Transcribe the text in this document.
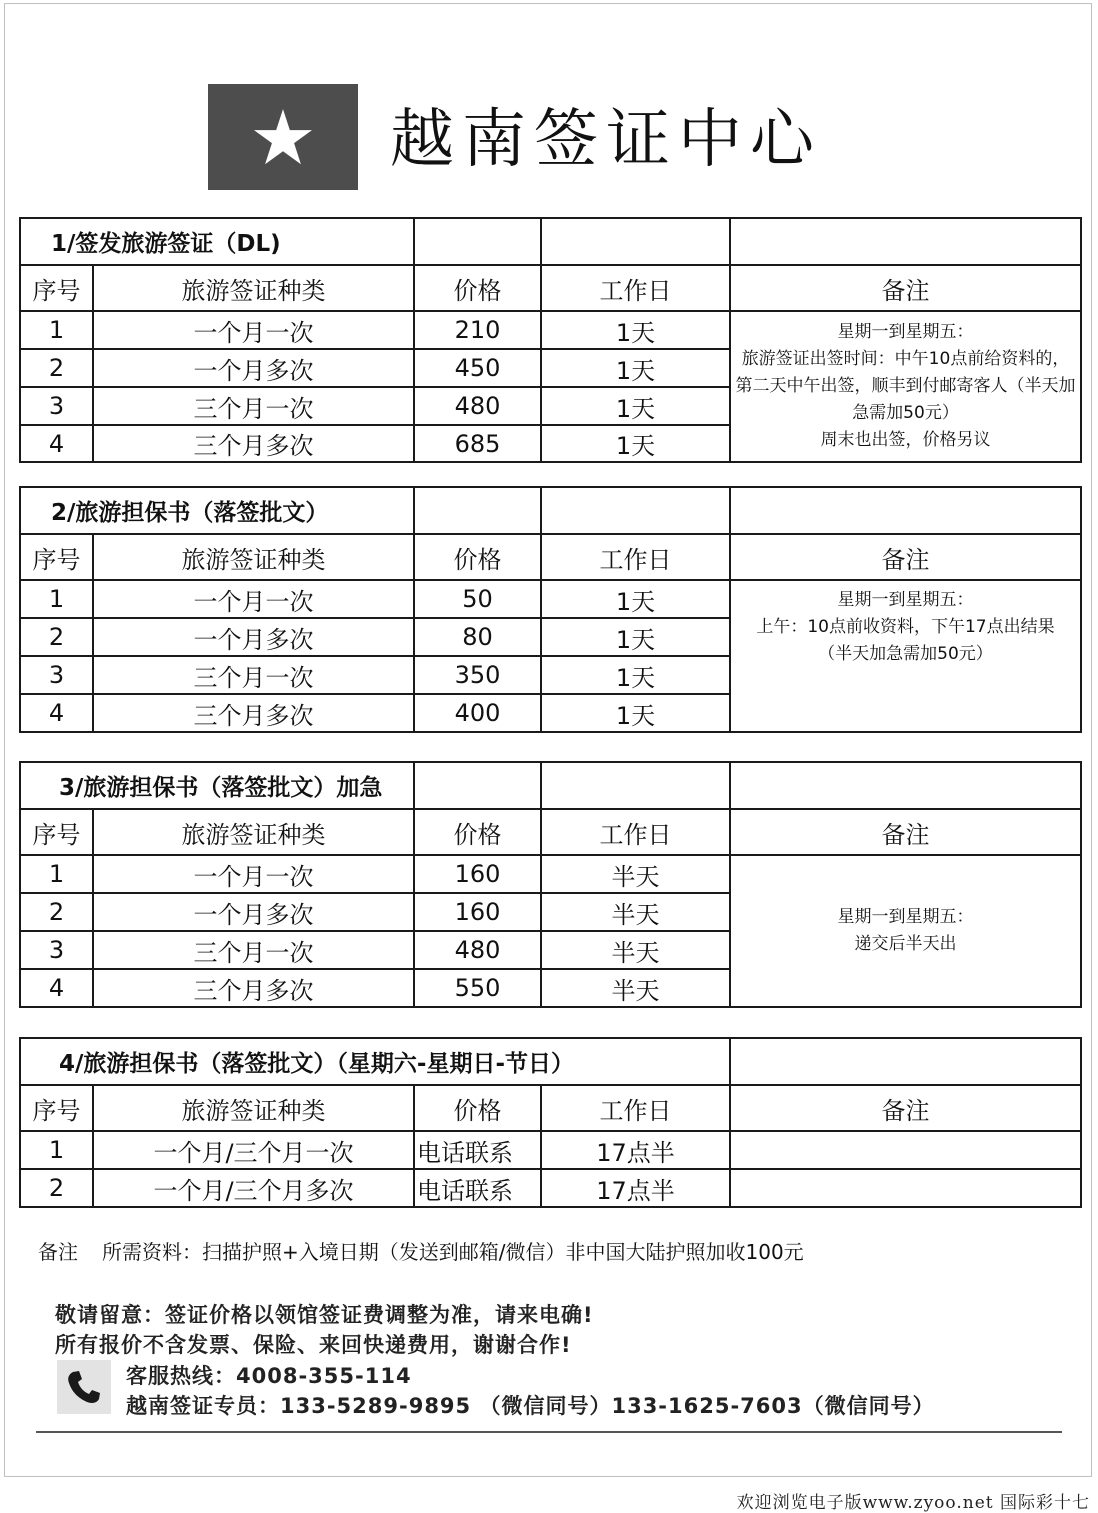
越南签证中心
1/签发旅游签证（DL)				
序号	旅游签证种类	价格	工作日	备注
1	一个月一次	210	1天	星期一到星期五：
旅游签证出签时间：中午10点前给资料的，第二天中午出签，顺丰到付邮寄客人（半天加急需加50元）
周末也出签，价格另议

2	一个月多次	450	1天	
3	三个月一次	480	1天	
4	三个月多次	685	1天	
2/旅游担保书（落签批文）				
序号	旅游签证种类	价格	工作日	备注
1	一个月一次	50	1天	星期一到星期五：
上午：10点前收资料，下午17点出结果
（半天加急需加50元）

2	一个月多次	80	1天	
3	三个月一次	350	1天	
4	三个月多次	400	1天	
3/旅游担保书（落签批文）加急				
序号	旅游签证种类	价格	工作日	备注
1	一个月一次	160	半天	星期一到星期五：
递交后半天出

2	一个月多次	160	半天	
3	三个月一次	480	半天	
4	三个月多次	550	半天	
4/旅游担保书（落签批文）（星期六-星期日-节日）				
序号	旅游签证种类	价格	工作日	备注
1	一个月/三个月一次	电话联系	17点半	
2	一个月/三个月多次	电话联系	17点半	
备注 所需资料：扫描护照+入境日期（发送到邮箱/微信）非中国大陆护照加收100元
敬请留意：签证价格以领馆签证费调整为准，请来电确!
所有报价不含发票、保险、来回快递费用，谢谢合作!
客服热线：4008-355-114
越南签证专员：133-5289-9895 （微信同号）133-1625-7603（微信同号）
欢迎浏览电子版www.zyoo.net 国际彩十七
